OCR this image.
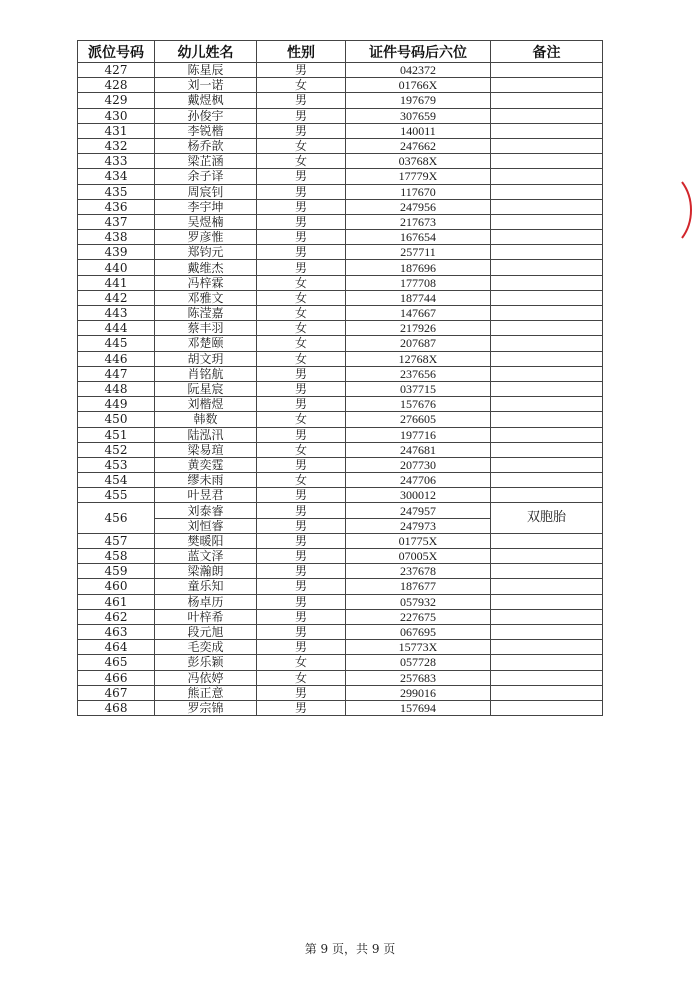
派位号码	幼儿姓名	性别	证件号码后六位	备注
427	陈星辰	男	042372	
428	刘一诺	女	01766X	
429	戴煜枫	男	197679	
430	孙俊宇	男	307659	
431	李锐楷	男	140011	
432	杨乔歆	女	247662	
433	梁芷涵	女	03768X	
434	余子译	男	17779X	
435	周宸钊	男	117670	
436	李宇坤	男	247956	
437	吴煜楠	男	217673	
438	罗彦惟	男	167654	
439	郑钧元	男	257711	
440	戴维杰	男	187696	
441	冯梓霖	女	177708	
442	邓雅文	女	187744	
443	陈滢嘉	女	147667	
444	蔡丰羽	女	217926	
445	邓楚颐	女	207687	
446	胡文玥	女	12768X	
447	肖铭航	男	237656	
448	阮星宸	男	037715	
449	刘楷煜	男	157676	
450	韩数	女	276605	
451	陆泓汛	男	197716	
452	梁易瑄	女	247681	
453	黄奕霆	男	207730	
454	缪未雨	女	247706	
455	叶昱君	男	300012	
456	刘泰睿	男	247957	双胞胎
	刘恒睿	男	247973	
457	樊暖阳	男	01775X	
458	蓝文泽	男	07005X	
459	梁瀚朗	男	237678	
460	童乐知	男	187677	
461	杨卓历	男	057932	
462	叶梓希	男	227675	
463	段元旭	男	067695	
464	毛奕成	男	15773X	
465	彭乐颖	女	057728	
466	冯依婷	女	257683	
467	熊正意	男	299016	
468	罗宗锦	男	157694	
第 9 页，共 9 页
